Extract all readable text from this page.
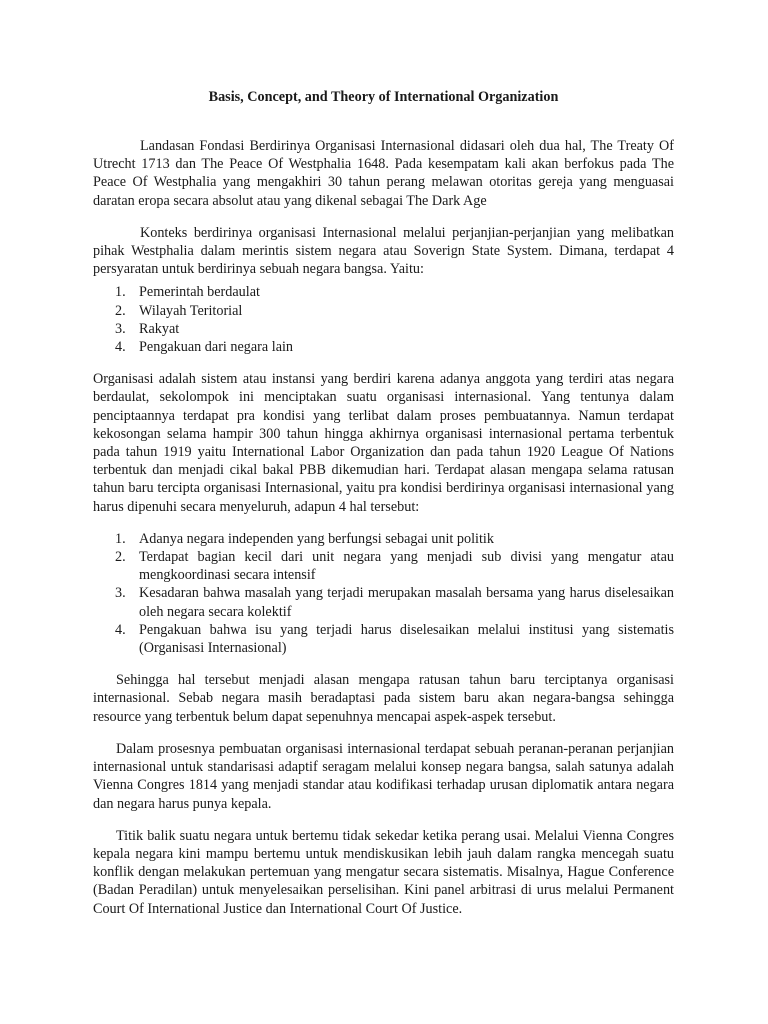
Basis, Concept, and Theory of International Organization

Landasan Fondasi Berdirinya Organisasi Internasional didasari oleh dua hal, The Treaty Of Utrecht 1713 dan The Peace Of Westphalia 1648. Pada kesempatam kali akan berfokus pada The Peace Of Westphalia yang mengakhiri 30 tahun perang melawan otoritas gereja yang menguasai daratan eropa secara absolut atau yang dikenal sebagai The Dark Age

Konteks berdirinya organisasi Internasional melalui perjanjian-perjanjian yang melibatkan pihak Westphalia dalam merintis sistem negara atau Soverign State System. Dimana, terdapat 4 persyaratan untuk berdirinya sebuah negara bangsa. Yaitu:

1. Pemerintah berdaulat
2. Wilayah Teritorial
3. Rakyat
4. Pengakuan dari negara lain

Organisasi adalah sistem atau instansi yang berdiri karena adanya anggota yang terdiri atas negara berdaulat, sekolompok ini menciptakan suatu organisasi internasional. Yang tentunya dalam penciptaannya terdapat pra kondisi yang terlibat dalam proses pembuatannya. Namun terdapat kekosongan selama hampir 300 tahun hingga akhirnya organisasi internasional pertama terbentuk pada tahun 1919 yaitu International Labor Organization dan pada tahun 1920 League Of Nations terbentuk dan menjadi cikal bakal PBB dikemudian hari. Terdapat alasan mengapa selama ratusan tahun baru tercipta organisasi Internasional, yaitu pra kondisi berdirinya organisasi internasional yang harus dipenuhi secara menyeluruh, adapun 4 hal tersebut:

1. Adanya negara independen yang berfungsi sebagai unit politik
2. Terdapat bagian kecil dari unit negara yang menjadi sub divisi yang mengatur atau mengkoordinasi secara intensif
3. Kesadaran bahwa masalah yang terjadi merupakan masalah bersama yang harus diselesaikan oleh negara secara kolektif
4. Pengakuan bahwa isu yang terjadi harus diselesaikan melalui institusi yang sistematis (Organisasi Internasional)

Sehingga hal tersebut menjadi alasan mengapa ratusan tahun baru terciptanya organisasi internasional. Sebab negara masih beradaptasi pada sistem baru akan negara-bangsa sehingga resource yang terbentuk belum dapat sepenuhnya mencapai aspek-aspek tersebut.

Dalam prosesnya pembuatan organisasi internasional terdapat sebuah peranan-peranan perjanjian internasional untuk standarisasi adaptif seragam melalui konsep negara bangsa, salah satunya adalah Vienna Congres 1814 yang menjadi standar atau kodifikasi terhadap urusan diplomatik antara negara dan negara harus punya kepala.

Titik balik suatu negara untuk bertemu tidak sekedar ketika perang usai. Melalui Vienna Congres kepala negara kini mampu bertemu untuk mendiskusikan lebih jauh dalam rangka mencegah suatu konflik dengan melakukan pertemuan yang mengatur secara sistematis. Misalnya, Hague Conference (Badan Peradilan) untuk menyelesaikan perselisihan. Kini panel arbitrasi di urus melalui Permanent Court Of International Justice dan International Court Of Justice.
